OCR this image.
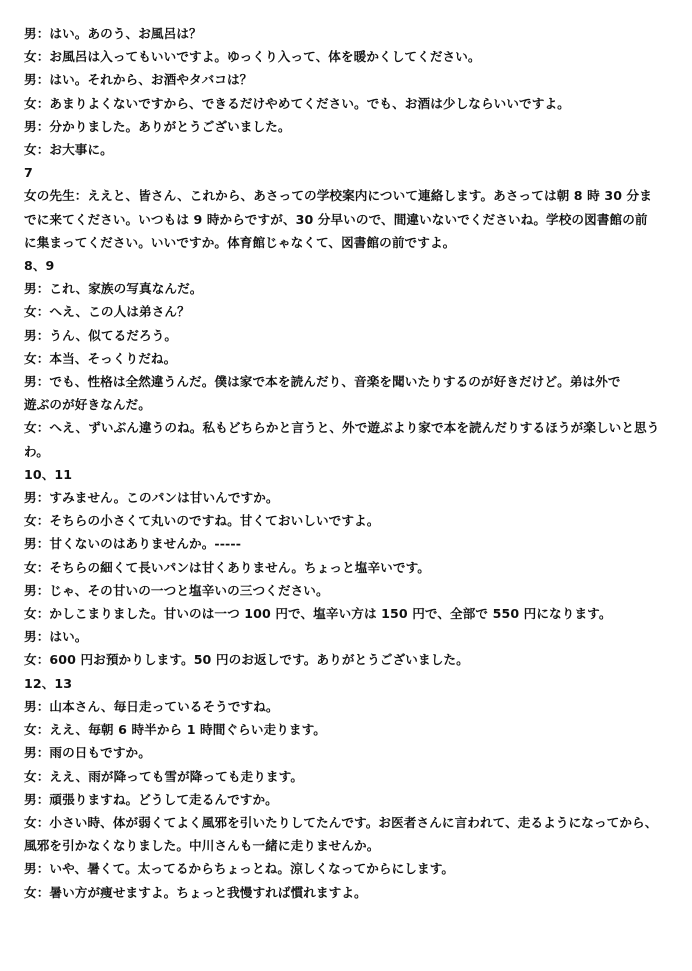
男：はい。あのう、お風呂は？
女：お風呂は入ってもいいですよ。ゆっくり入って、体を暖かくしてください。
男：はい。それから、お酒やタバコは？
女：あまりよくないですから、できるだけやめてください。でも、お酒は少しならいいですよ。
男：分かりました。ありがとうございました。
女：お大事に。
7
女の先生：ええと、皆さん、これから、あさっての学校案内について連絡します。あさっては朝 8 時 30 分ま
でに来てください。いつもは 9 時からですが、30 分早いので、間違いないでくださいね。学校の図書館の前
に集まってください。いいですか。体育館じゃなくて、図書館の前ですよ。
8、9
男：これ、家族の写真なんだ。
女：へえ、この人は弟さん？
男：うん、似てるだろう。
女：本当、そっくりだね。
男：でも、性格は全然違うんだ。僕は家で本を読んだり、音楽を聞いたりするのが好きだけど。弟は外で
遊ぶのが好きなんだ。
女：へえ、ずいぶん違うのね。私もどちらかと言うと、外で遊ぶより家で本を読んだりするほうが楽しいと思う
わ。
10、11
男：すみません。このパンは甘いんですか。
女：そちらの小さくて丸いのですね。甘くておいしいですよ。
男：甘くないのはありませんか。-----
女：そちらの細くて長いパンは甘くありません。ちょっと塩辛いです。
男：じゃ、その甘いの一つと塩辛いの三つください。
女：かしこまりました。甘いのは一つ 100 円で、塩辛い方は 150 円で、全部で 550 円になります。
男：はい。
女：600 円お預かりします。50 円のお返しです。ありがとうございました。
12、13
男：山本さん、毎日走っているそうですね。
女：ええ、毎朝 6 時半から 1 時間ぐらい走ります。
男：雨の日もですか。
女：ええ、雨が降っても雪が降っても走ります。
男：頑張りますね。どうして走るんですか。
女：小さい時、体が弱くてよく風邪を引いたりしてたんです。お医者さんに言われて、走るようになってから、
風邪を引かなくなりました。中川さんも一緒に走りませんか。
男：いや、暑くて。太ってるからちょっとね。涼しくなってからにします。
女：暑い方が痩せますよ。ちょっと我慢すれば慣れますよ。
